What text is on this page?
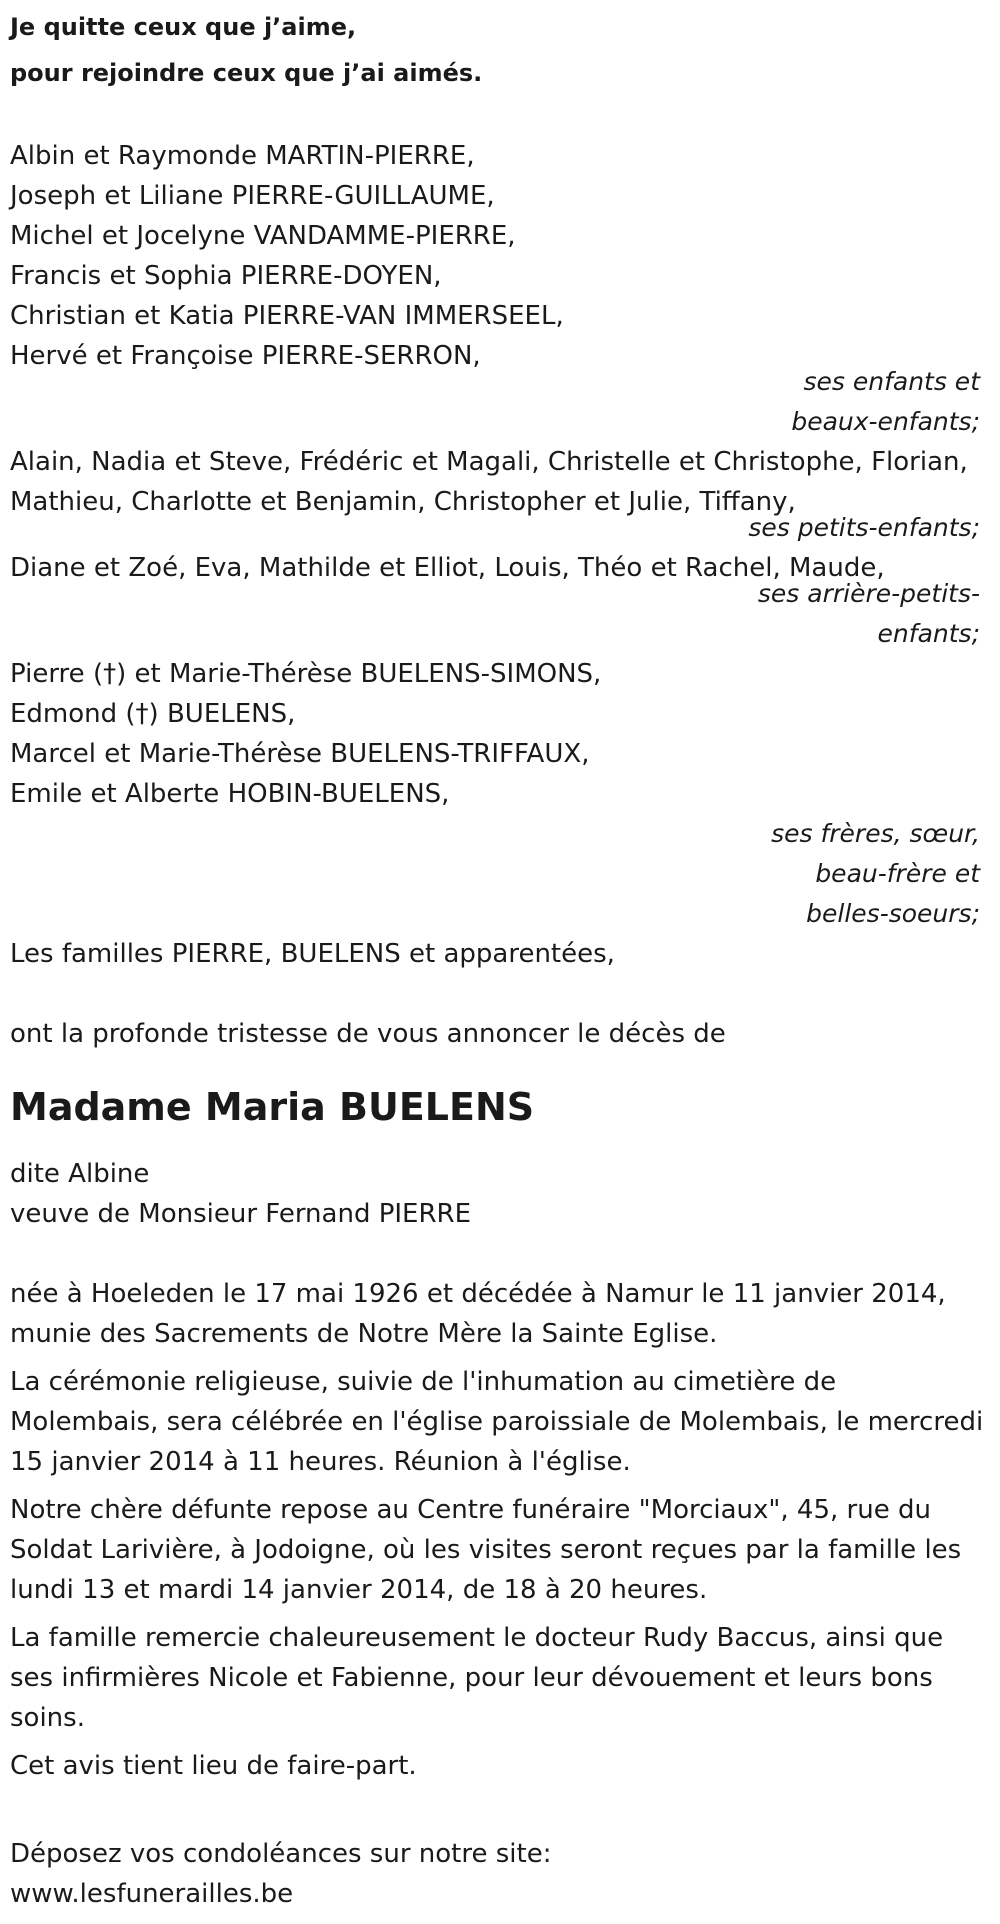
Je quitte ceux que j’aime,
pour rejoindre ceux que j’ai aimés.
Albin et Raymonde MARTIN-PIERRE,
Joseph et Liliane PIERRE-GUILLAUME,
Michel et Jocelyne VANDAMME-PIERRE,
Francis et Sophia PIERRE-DOYEN,
Christian et Katia PIERRE-VAN IMMERSEEL,
Hervé et Françoise PIERRE-SERRON,
ses enfants et
beaux-enfants;
Alain, Nadia et Steve, Frédéric et Magali, Christelle et Christophe, Florian,
Mathieu, Charlotte et Benjamin, Christopher et Julie, Tiffany,
ses petits-enfants;
Diane et Zoé, Eva, Mathilde et Elliot, Louis, Théo et Rachel, Maude,
ses arrière-petits-
enfants;
Pierre (†) et Marie-Thérèse BUELENS-SIMONS,
Edmond (†) BUELENS,
Marcel et Marie-Thérèse BUELENS-TRIFFAUX,
Emile et Alberte HOBIN-BUELENS,
ses frères, sœur,
beau-frère et
belles-soeurs;
Les familles PIERRE, BUELENS et apparentées,
ont la profonde tristesse de vous annoncer le décès de
Madame Maria BUELENS
dite Albine
veuve de Monsieur Fernand PIERRE
née à Hoeleden le 17 mai 1926 et décédée à Namur le 11 janvier 2014, munie des Sacrements de Notre Mère la Sainte Eglise.
La cérémonie religieuse, suivie de l'inhumation au cimetière de Molembais, sera célébrée en l'église paroissiale de Molembais, le mercredi 15 janvier 2014 à 11 heures. Réunion à l'église.
Notre chère défunte repose au Centre funéraire "Morciaux", 45, rue du Soldat Larivière, à Jodoigne, où les visites seront reçues par la famille les lundi 13 et mardi 14 janvier 2014, de 18 à 20 heures.
La famille remercie chaleureusement le docteur Rudy Baccus, ainsi que ses infirmières Nicole et Fabienne, pour leur dévouement et leurs bons soins.
Cet avis tient lieu de faire-part.
Déposez vos condoléances sur notre site:
www.lesfunerailles.be
